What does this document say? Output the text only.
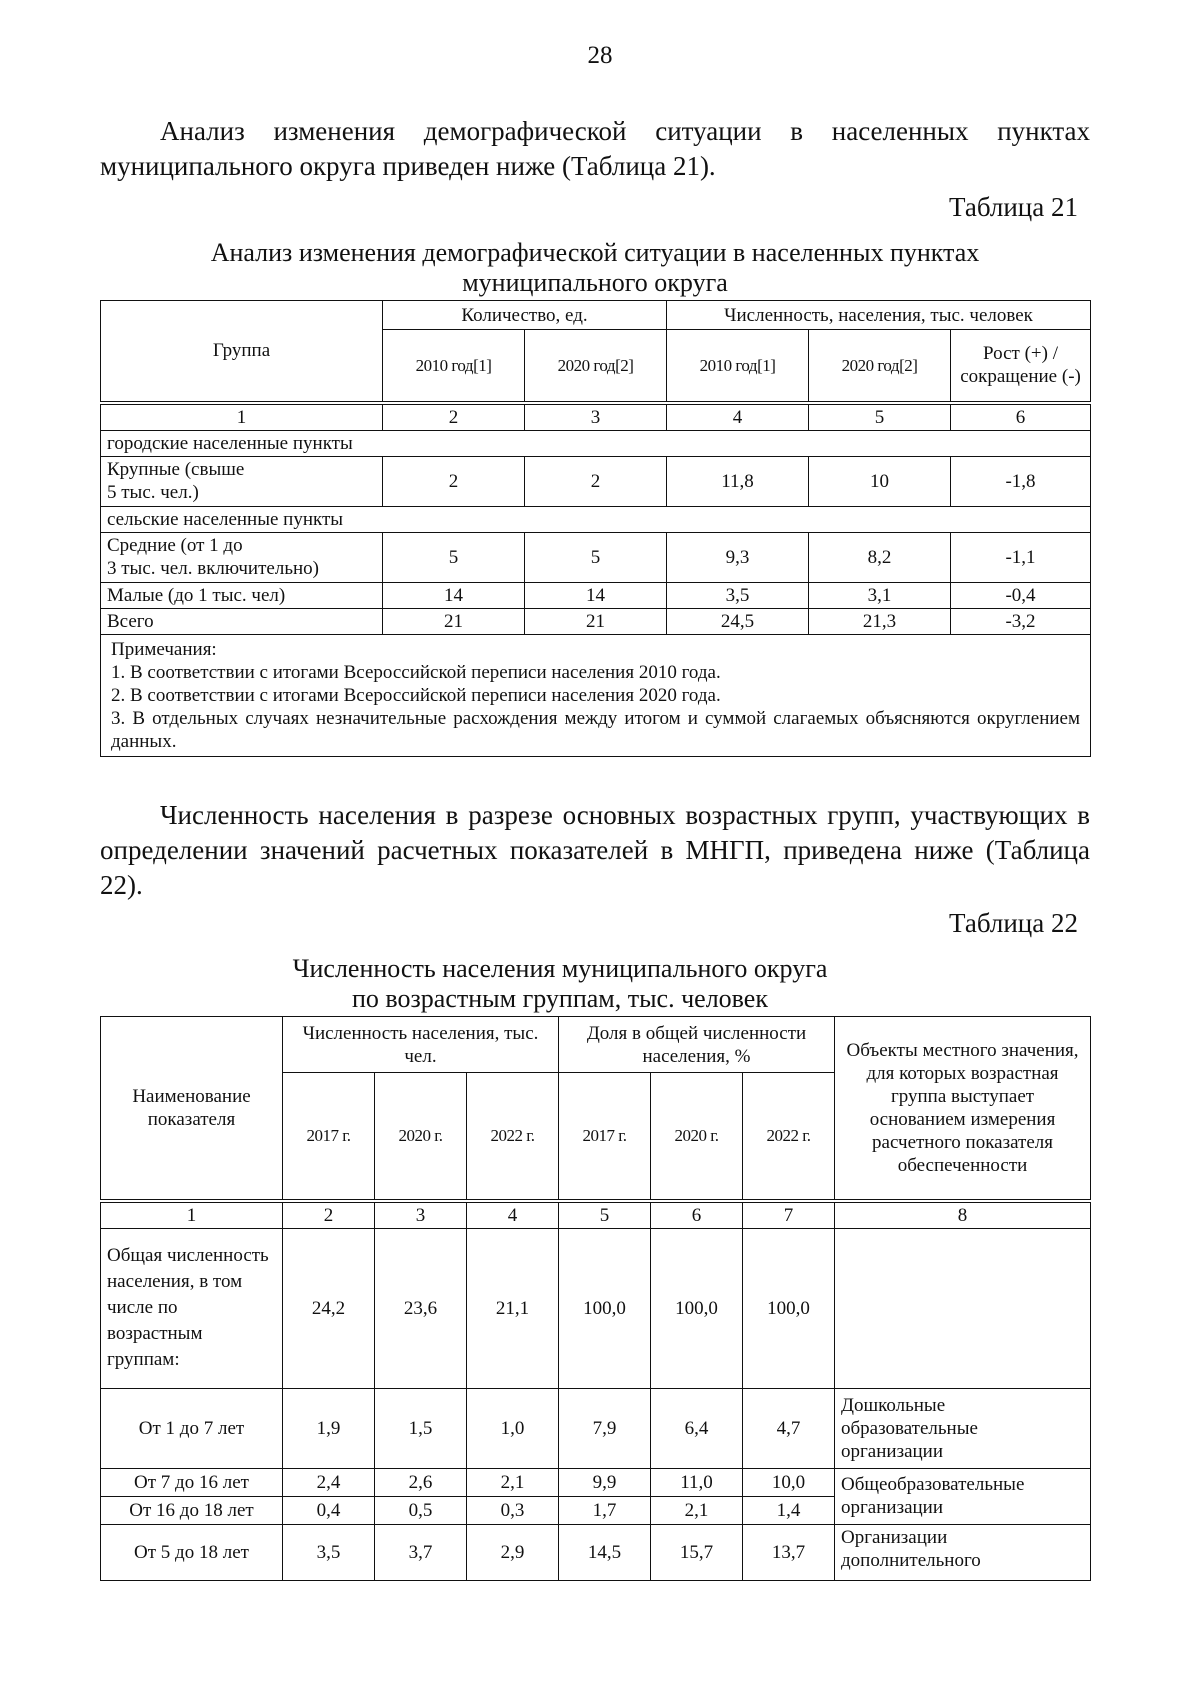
28
Анализ изменения демографической ситуации в населенных пунктах муниципального округа приведен ниже (Таблица 21).
Таблица 21
Анализ изменения демографической ситуации в населенных пунктах
муниципального округа
Группа	Количество, ед.		Численность, населения, тыс. человек		
	2010 год[1]	2020 год[2]	2010 год[1]	2020 год[2]	Рост (+) / сокращение (-)
1	2	3	4	5	6
городские населенные пункты					

Крупные (свыше
5 тыс. чел.)	2	2	11,8	10	-1,8
сельские населенные пункты					

Средние (от 1 до
3 тыс. чел. включительно)	5	5	9,3	8,2	-1,1
Малые (до 1 тыс. чел)	14	14	3,5	3,1	-0,4
Всего	21	21	24,5	21,3	-3,2

Примечания:
1. В соответствии с итогами Всероссийской переписи населения 2010 года.
2. В соответствии с итогами Всероссийской переписи населения 2020 года.
3. В отдельных случаях незначительные расхождения между итогом и суммой слагаемых объясняются округлением данных.					
Численность населения в разрезе основных возрастных групп, участвующих в определении значений расчетных показателей в МНГП, приведена ниже (Таблица 22).
Таблица 22
Численность населения муниципального округа
по возрастным группам, тыс. человек
Наименование показателя	Численность населения, тыс. чел.			Доля в общей численности населения, %			Объекты местного значения, для которых возрастная группа выступает основанием измерения расчетного показателя обеспеченности
	2017 г.	2020 г.	2022 г.	2017 г.	2020 г.	2022 г.	
1	2	3	4	5	6	7	8
Общая численность населения, в том числе по возрастным группам:	24,2	23,6	21,1	100,0	100,0	100,0	
От 1 до 7 лет	1,9	1,5	1,0	7,9	6,4	4,7	Дошкольные образовательные организации
От 7 до 16 лет	2,4	2,6	2,1	9,9	11,0	10,0	Общеобразовательные организации
От 16 до 18 лет	0,4	0,5	0,3	1,7	2,1	1,4	
От 5 до 18 лет	3,5	3,7	2,9	14,5	15,7	13,7	Организации дополнительного
